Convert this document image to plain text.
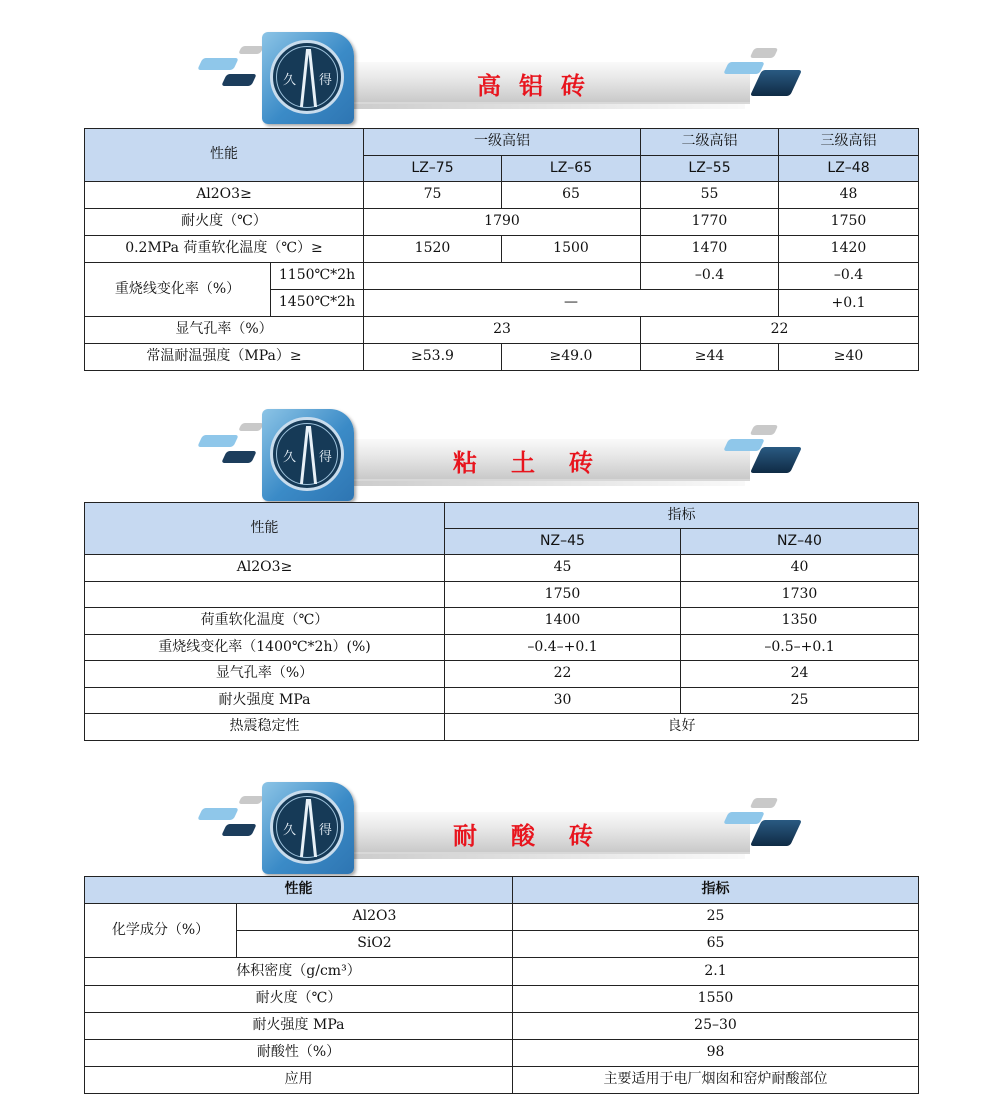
久 得	高铝砖
性能		一级高铝		二级高铝	三级高铝
		LZ–75	LZ–65	LZ–55	LZ–48
Al2O3≥		75	65	55	48
耐火度（℃）		1790		1770	1750
0.2MPa 荷重软化温度（℃）≥		1520	1500	1470	1420
重烧线变化率（%）	1150℃*2h			–0.4	–0.4
	1450℃*2h	—			+0.1

显气孔率（%）		23		22	
常温耐温强度（MPa）≥		≥53.9	≥49.0	≥44	≥40
久 得	粘土砖
性能	指标	
	NZ–45	NZ–40
Al2O3≥	45	40
	1750	1730
荷重软化温度（℃）	1400	1350
重烧线变化率（1400℃*2h）(%)	–0.4–+0.1	–0.5–+0.1
显气孔率（%）	22	24
耐火强度 MPa	30	25
热震稳定性	良好	
久 得	耐酸砖
性能		指标
化学成分（%）	Al2O3	25
	SiO2	65
体积密度（g/cm³）		2.1
耐火度（℃）		1550
耐火强度 MPa		25–30
耐酸性（%）		98
应用		主要适用于电厂烟囱和窑炉耐酸部位
